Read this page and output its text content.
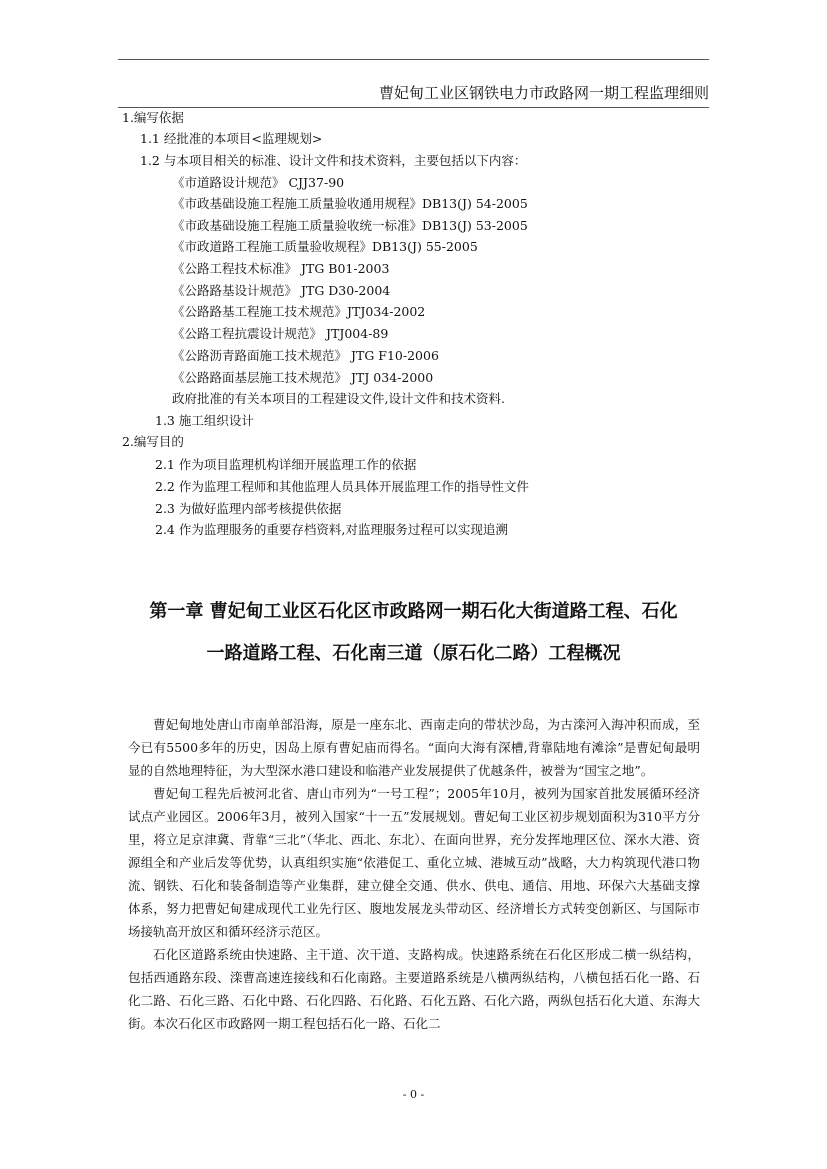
曹妃甸工业区钢铁电力市政路网一期工程监理细则
1.编写依据
1.1 经批准的本项目<监理规划>
1.2 与本项目相关的标准、设计文件和技术资料，主要包括以下内容：
《市道路设计规范》 CJJ37-90
《市政基础设施工程施工质量验收通用规程》DB13(J) 54-2005
《市政基础设施工程施工质量验收统一标准》DB13(J) 53-2005
《市政道路工程施工质量验收规程》DB13(J) 55-2005
《公路工程技术标准》 JTG B01-2003
《公路路基设计规范》 JTG D30-2004
《公路路基工程施工技术规范》JTJ034-2002
《公路工程抗震设计规范》 JTJ004-89
《公路沥青路面施工技术规范》 JTG F10-2006
《公路路面基层施工技术规范》 JTJ 034-2000
政府批准的有关本项目的工程建设文件,设计文件和技术资料.
1.3 施工组织设计
2.编写目的
2.1 作为项目监理机构详细开展监理工作的依据
2.2 作为监理工程师和其他监理人员具体开展监理工作的指导性文件
2.3 为做好监理内部考核提供依据
2.4 作为监理服务的重要存档资料,对监理服务过程可以实现追溯
第一章 曹妃甸工业区石化区市政路网一期石化大街道路工程、石化
一路道路工程、石化南三道（原石化二路）工程概况

曹妃甸地处唐山市南单部沿海，原是一座东北、西南走向的带状沙岛，为古滦河入海冲积而成，至今已有5500多年的历史，因岛上原有曹妃庙而得名。“面向大海有深槽,背靠陆地有滩涂”是曹妃甸最明显的自然地理特征，为大型深水港口建设和临港产业发展提供了优越条件，被誉为“国宝之地”。

曹妃甸工程先后被河北省、唐山市列为“一号工程”；2005年10月，被列为国家首批发展循环经济试点产业园区。2006年3月，被列入国家“十一五”发展规划。曹妃甸工业区初步规划面积为310平方分里，将立足京津冀、背靠“三北”（华北、西北、东北）、在面向世界，充分发挥地理区位、深水大港、资源组全和产业后发等优势，认真组织实施“依港促工、重化立城、港城互动”战略，大力构筑现代港口物流、钢铁、石化和装备制造等产业集群，建立健全交通、供水、供电、通信、用地、环保六大基础支撑体系，努力把曹妃甸建成现代工业先行区、腹地发展龙头带动区、经济增长方式转变创新区、与国际市场接轨高开放区和循环经济示范区。

石化区道路系统由快速路、主干道、次干道、支路构成。快速路系统在石化区形成二横一纵结构，包括西通路东段、滦曹高速连接线和石化南路。主要道路系统是八横两纵结构，八横包括石化一路、石化二路、石化三路、石化中路、石化四路、石化路、石化五路、石化六路，两纵包括石化大道、东海大街。本次石化区市政路网一期工程包括石化一路、石化二

- 0 -
